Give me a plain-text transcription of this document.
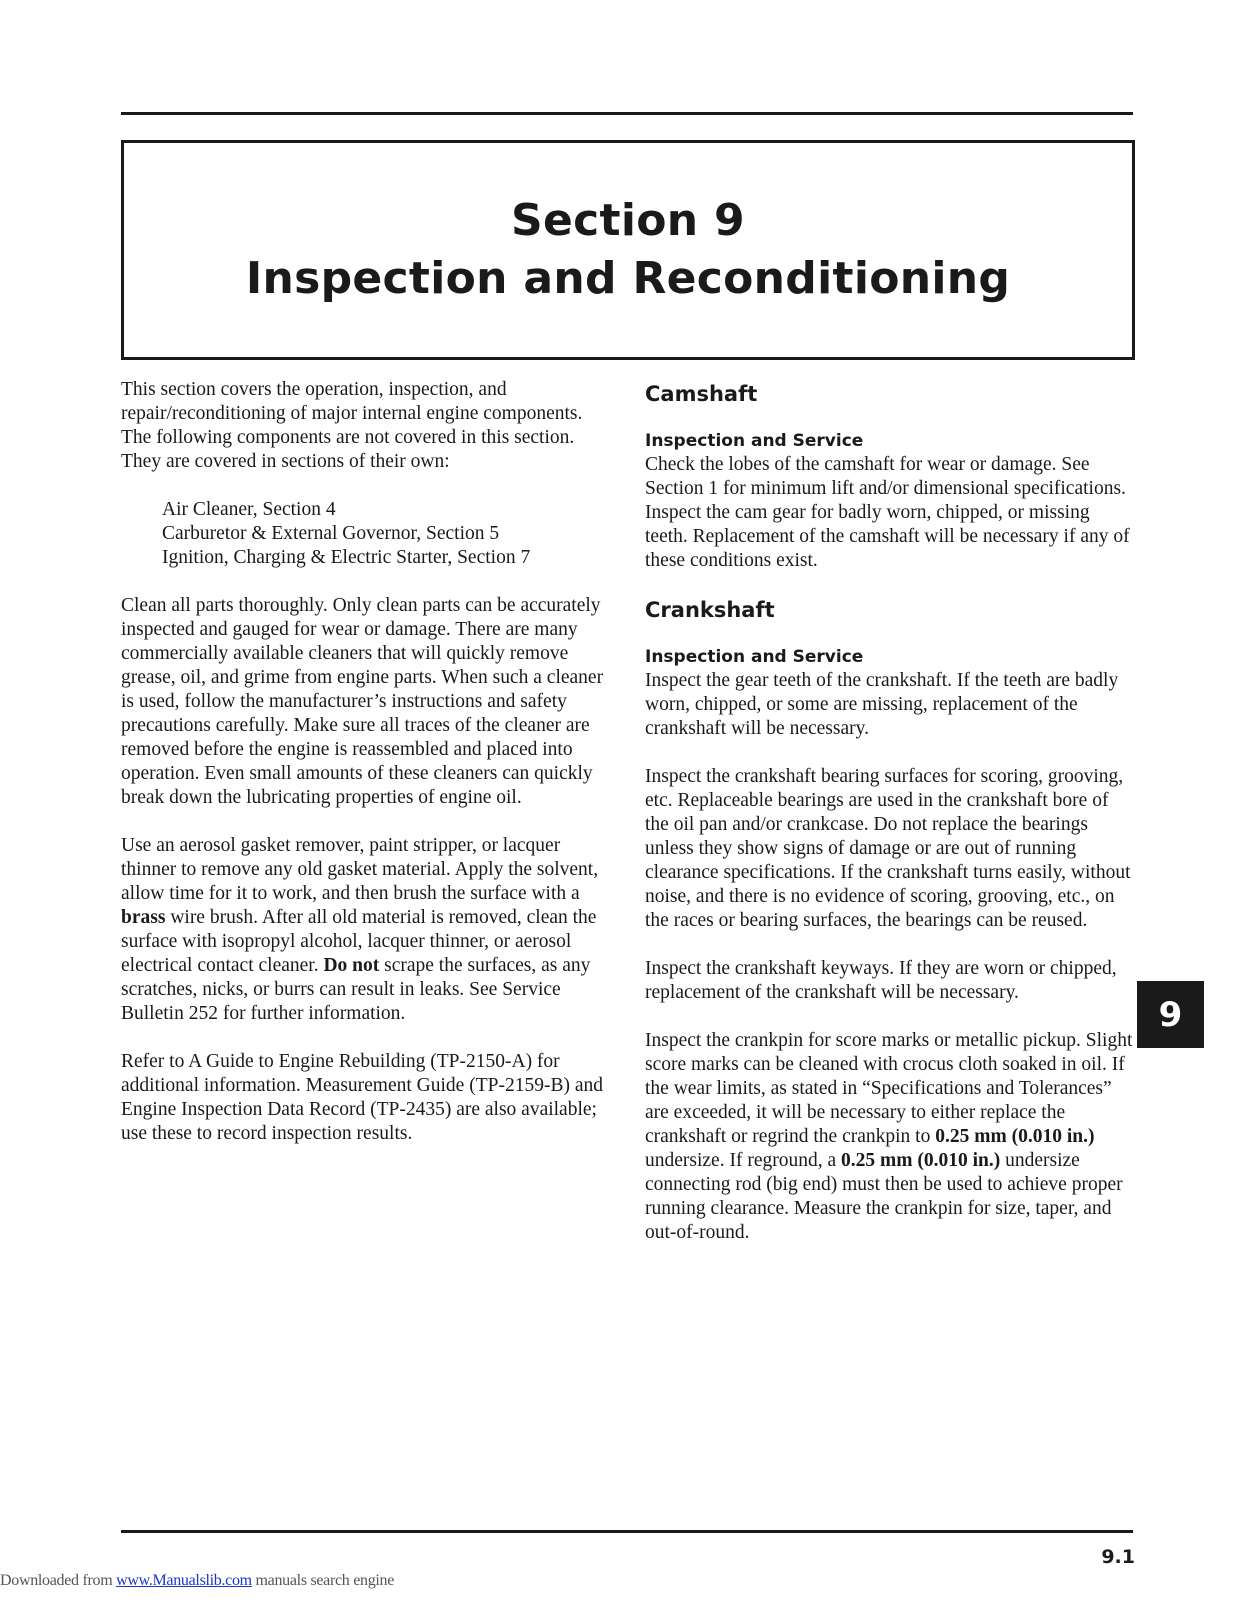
Section 9
Inspection and Reconditioning

This section covers the operation, inspection, and repair/reconditioning of major internal engine components. The following components are not covered in this section. They are covered in sections of their own:

Air Cleaner, Section 4
Carburetor & External Governor, Section 5
Ignition, Charging & Electric Starter, Section 7

Clean all parts thoroughly. Only clean parts can be accurately inspected and gauged for wear or damage. There are many commercially available cleaners that will quickly remove grease, oil, and grime from engine parts. When such a cleaner is used, follow the manufacturer’s instructions and safety precautions carefully. Make sure all traces of the cleaner are removed before the engine is reassembled and placed into operation. Even small amounts of these cleaners can quickly break down the lubricating properties of engine oil.

Use an aerosol gasket remover, paint stripper, or lacquer thinner to remove any old gasket material. Apply the solvent, allow time for it to work, and then brush the surface with a brass wire brush. After all old material is removed, clean the surface with isopropyl alcohol, lacquer thinner, or aerosol electrical contact cleaner. Do not scrape the surfaces, as any scratches, nicks, or burrs can result in leaks. See Service Bulletin 252 for further information.

Refer to A Guide to Engine Rebuilding (TP-2150-A) for additional information. Measurement Guide (TP-2159-B) and Engine Inspection Data Record (TP-2435) are also available; use these to record inspection results.

Camshaft
Inspection and Service

Check the lobes of the camshaft for wear or damage. See Section 1 for minimum lift and/or dimensional specifications. Inspect the cam gear for badly worn, chipped, or missing teeth. Replacement of the camshaft will be necessary if any of these conditions exist.

Crankshaft
Inspection and Service

Inspect the gear teeth of the crankshaft. If the teeth are badly worn, chipped, or some are missing, replacement of the crankshaft will be necessary.

Inspect the crankshaft bearing surfaces for scoring, grooving, etc. Replaceable bearings are used in the crankshaft bore of the oil pan and/or crankcase. Do not replace the bearings unless they show signs of damage or are out of running clearance specifications. If the crankshaft turns easily, without noise, and there is no evidence of scoring, grooving, etc., on the races or bearing surfaces, the bearings can be reused.

Inspect the crankshaft keyways. If they are worn or chipped, replacement of the crankshaft will be necessary.

Inspect the crankpin for score marks or metallic pickup. Slight score marks can be cleaned with crocus cloth soaked in oil. If the wear limits, as stated in “Specifications and Tolerances” are exceeded, it will be necessary to either replace the crankshaft or regrind the crankpin to 0.25 mm (0.010 in.) undersize. If reground, a 0.25 mm (0.010 in.) undersize connecting rod (big end) must then be used to achieve proper running clearance. Measure the crankpin for size, taper, and out-of-round.

9
9.1
Downloaded from www.Manualslib.com manuals search engine
